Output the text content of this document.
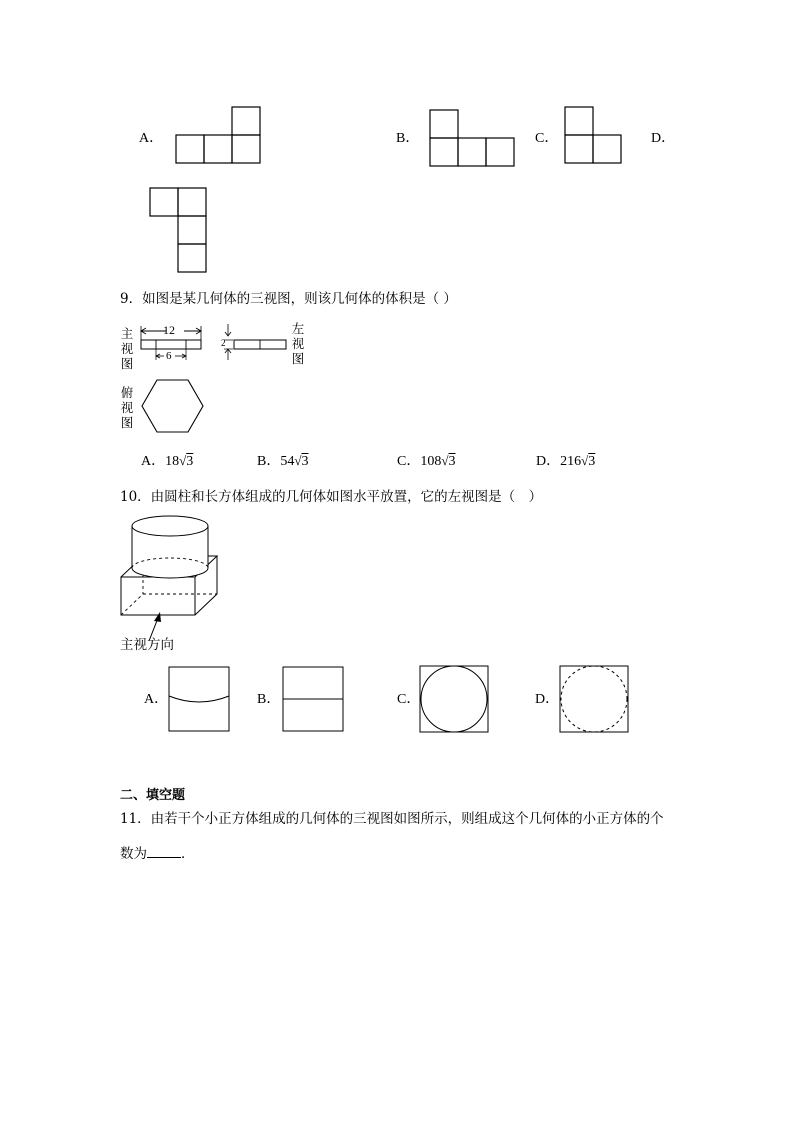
A．	B．	C．	D．
9．如图是某几何体的三视图，则该几何体的体积是（ ）
主
视
图
12
6
2
左
视
图
俯
视
图
A．18√3	B．54√3	C．108√3	D．216√3
10．由圆柱和长方体组成的几何体如图水平放置，它的左视图是（　）
主视方向
A．	B．	C．	D．
二、填空题
11．由若干个小正方体组成的几何体的三视图如图所示，则组成这个几何体的小正方体的个
数为	．
